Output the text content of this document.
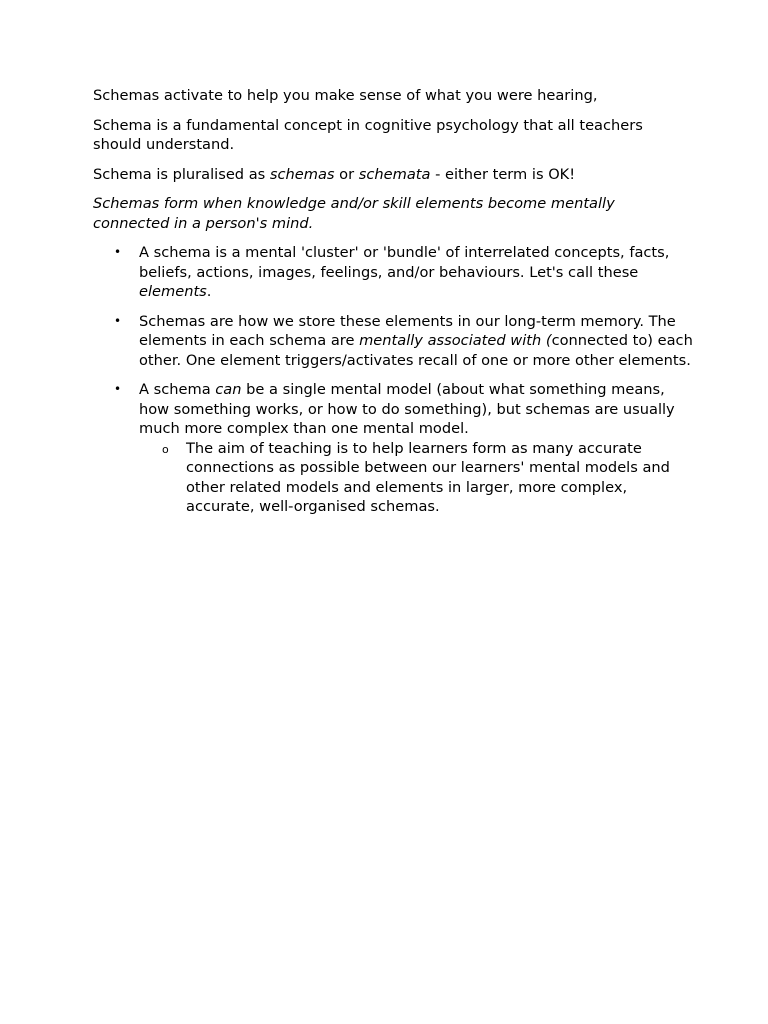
Schemas activate to help you make sense of what you were hearing,

Schema is a fundamental concept in cognitive psychology that all teachers should understand.

Schema is pluralised as schemas or schemata - either term is OK!

Schemas form when knowledge and/or skill elements become mentally connected in a person's mind.

• A schema is a mental 'cluster' or 'bundle' of interrelated concepts, facts, beliefs, actions, images, feelings, and/or behaviours. Let's call these elements.
• Schemas are how we store these elements in our long-term memory. The elements in each schema are mentally associated with (connected to) each other. One element triggers/activates recall of one or more other elements.
• A schema can be a single mental model (about what something means, how something works, or how to do something), but schemas are usually much more complex than one mental model.
o The aim of teaching is to help learners form as many accurate connections as possible between our learners' mental models and other related models and elements in larger, more complex, accurate, well-organised schemas.
